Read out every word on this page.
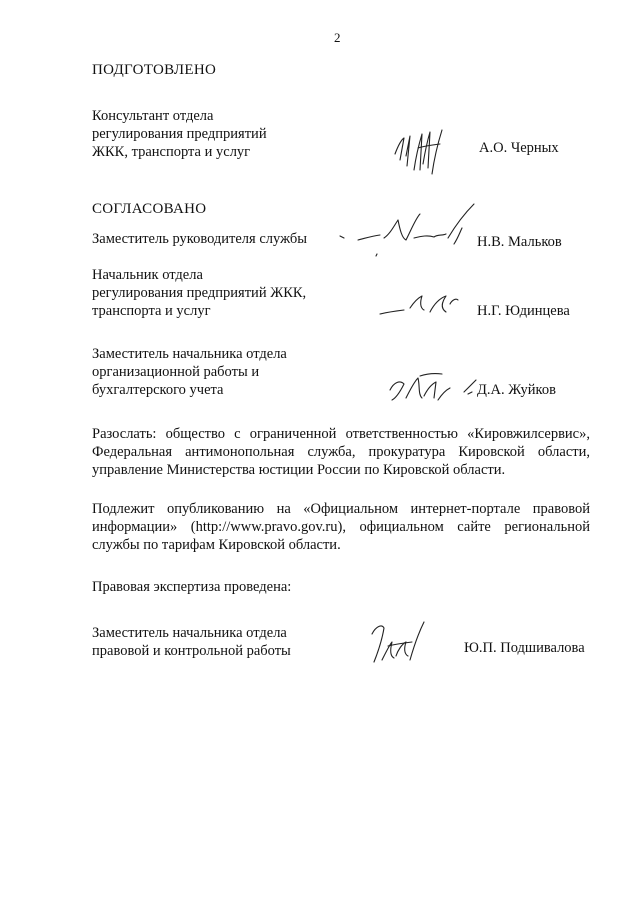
2
ПОДГОТОВЛЕНО
Консультант отдела
регулирования предприятий
ЖКК, транспорта и услуг	А.О. Черных
СОГЛАСОВАНО
Заместитель руководителя службы	Н.В. Мальков
Начальник отдела
регулирования предприятий ЖКК,
транспорта и услуг	Н.Г. Юдинцева
Заместитель начальника отдела
организационной работы и
бухгалтерского учета	Д.А. Жуйков
Разослать: общество с ограниченной ответственностью «Кировжилсервис»,
Федеральная антимонопольная служба, прокуратура Кировской области,
управление Министерства юстиции России по Кировской области.
Подлежит опубликованию на «Официальном интернет-портале правовой
информации» (http://www.pravo.gov.ru), официальном сайте региональной
службы по тарифам Кировской области.
Правовая экспертиза проведена:
Заместитель начальника отдела
правовой и контрольной работы	Ю.П. Подшивалова
